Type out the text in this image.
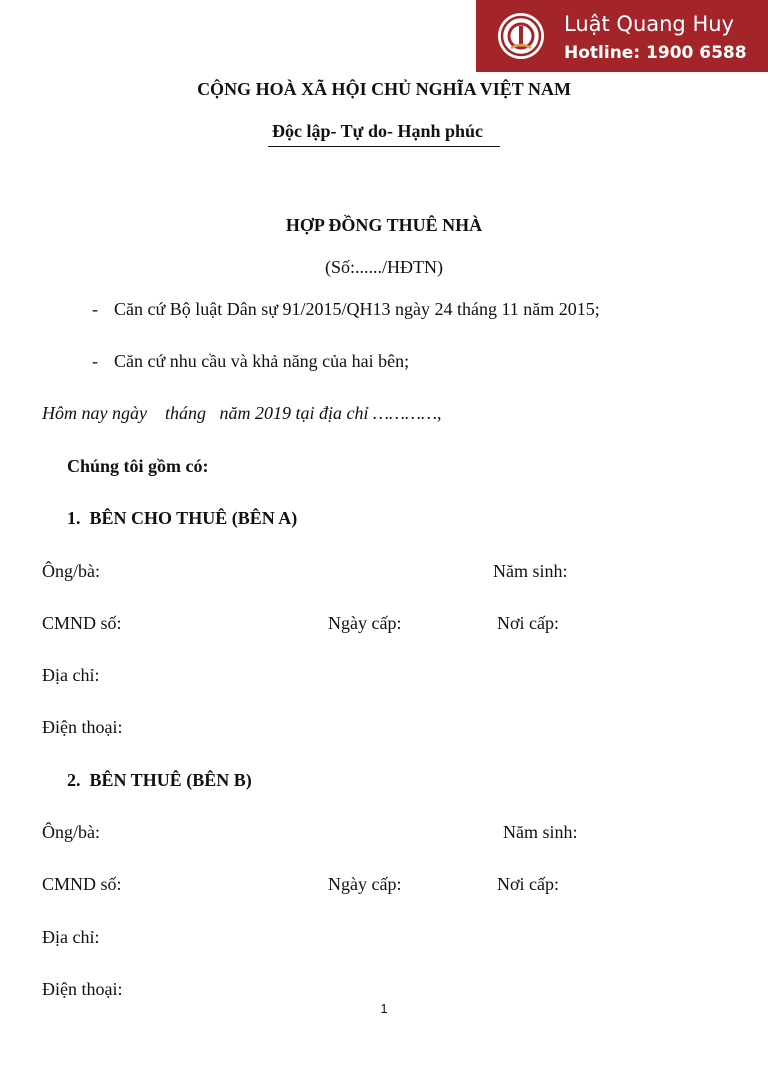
Luật Quang Huy
Hotline: 1900 6588
CỘNG HOÀ XÃ HỘI CHỦ NGHĨA VIỆT NAM
Độc lập- Tự do- Hạnh phúc
HỢP ĐỒNG THUÊ NHÀ
(Số:....../HĐTN)
- Căn cứ Bộ luật Dân sự 91/2015/QH13 ngày 24 tháng 11 năm 2015;
- Căn cứ nhu cầu và khả năng của hai bên;
Hôm nay ngày    tháng   năm 2019 tại địa chỉ …………,
Chúng tôi gồm có:
1.  BÊN CHO THUÊ (BÊN A)
Ông/bà:	Năm sinh:
CMND số:	Ngày cấp:	Nơi cấp:
Địa chỉ:
Điện thoại:
2.  BÊN THUÊ (BÊN B)
Ông/bà:	Năm sinh:
CMND số:	Ngày cấp:	Nơi cấp:
Địa chỉ:
Điện thoại:
1
